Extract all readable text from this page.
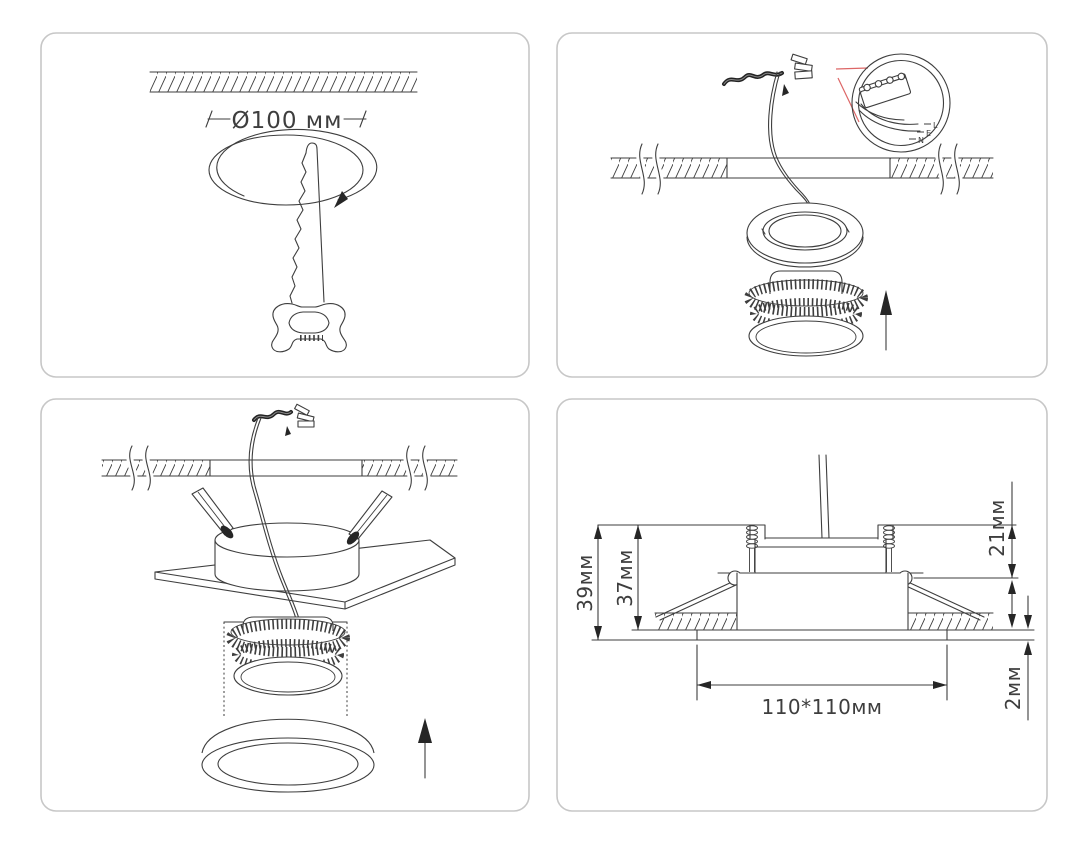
Ø100 мм	L
E
N
39мм 37мм
21мм
2мм
110*110мм
